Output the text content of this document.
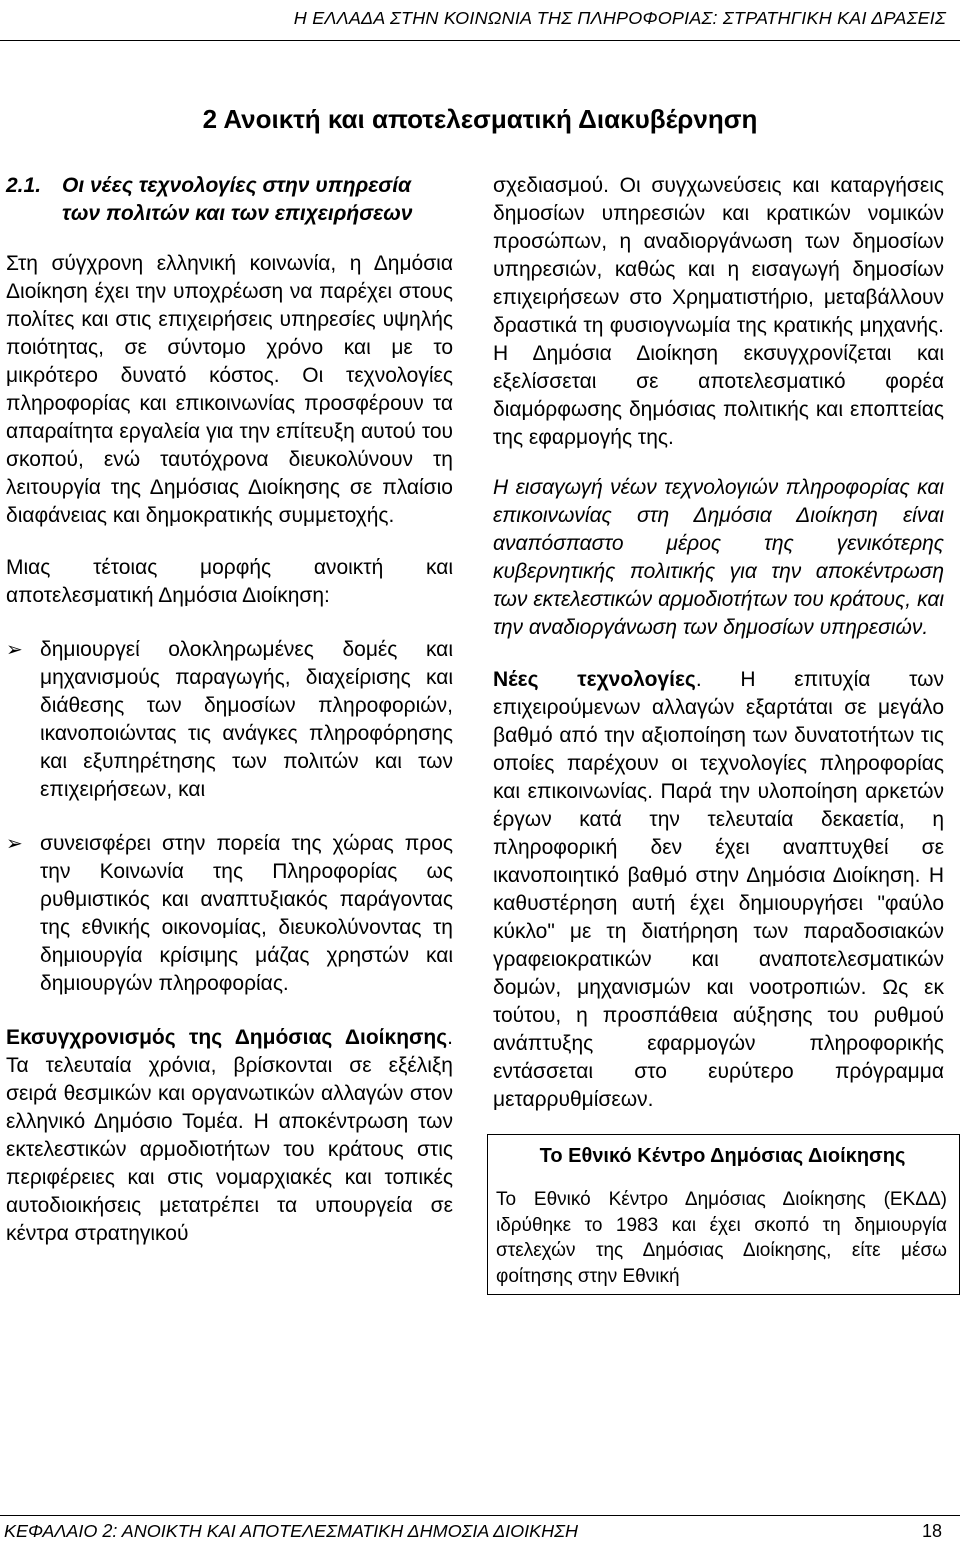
Η ΕΛΛΑΔΑ ΣΤΗΝ ΚΟΙΝΩΝΙΑ ΤΗΣ ΠΛΗΡΟΦΟΡΙΑΣ: ΣΤΡΑΤΗΓΙΚΗ ΚΑΙ ΔΡΑΣΕΙΣ
2 Ανοικτή και αποτελεσματική Διακυβέρνηση
2.1. Οι νέες τεχνολογίες στην υπηρεσία των πολιτών και των επιχειρήσεων

Στη σύγχρονη ελληνική κοινωνία, η Δημόσια Διοίκηση έχει την υποχρέωση να παρέχει στους πολίτες και στις επιχειρήσεις υπηρεσίες υψηλής ποιότητας, σε σύντομο χρόνο και με το μικρότερο δυνατό κόστος. Οι τεχνολογίες πληροφορίας και επικοινωνίας προσφέρουν τα απαραίτητα εργαλεία για την επίτευξη αυτού του σκοπού, ενώ ταυτόχρονα διευκολύνουν τη λειτουργία της Δημόσιας Διοίκησης σε πλαίσιο διαφάνειας και δημοκρατικής συμμετοχής.

Μιας τέτοιας μορφής ανοικτή και αποτελεσματική Δημόσια Διοίκηση:

➢ δημιουργεί ολοκληρωμένες δομές και μηχανισμούς παραγωγής, διαχείρισης και διάθεσης των δημοσίων πληροφοριών, ικανοποιώντας τις ανάγκες πληροφόρησης και εξυπηρέτησης των πολιτών και των επιχειρήσεων, και
➢ συνεισφέρει στην πορεία της χώρας προς την Κοινωνία της Πληροφορίας ως ρυθμιστικός και αναπτυξιακός παράγοντας της εθνικής οικονομίας, διευκολύνοντας τη δημιουργία κρίσιμης μάζας χρηστών και δημιουργών πληροφορίας.

Εκσυγχρονισμός της Δημόσιας Διοίκησης. Τα τελευταία χρόνια, βρίσκονται σε εξέλιξη σειρά θεσμικών και οργανωτικών αλλαγών στον ελληνικό Δημόσιο Τομέα. Η αποκέντρωση των εκτελεστικών αρμοδιοτήτων του κράτους στις περιφέρειες και στις νομαρχιακές και τοπικές αυτοδιοικήσεις μετατρέπει τα υπουργεία σε κέντρα στρατηγικού

σχεδιασμού. Οι συγχωνεύσεις και καταργήσεις δημοσίων υπηρεσιών και κρατικών νομικών προσώπων, η αναδιοργάνωση των δημοσίων υπηρεσιών, καθώς και η εισαγωγή δημοσίων επιχειρήσεων στο Χρηματιστήριο, μεταβάλλουν δραστικά τη φυσιογνωμία της κρατικής μηχανής. Η Δημόσια Διοίκηση εκσυγχρονίζεται και εξελίσσεται σε αποτελεσματικό φορέα διαμόρφωσης δημόσιας πολιτικής και εποπτείας της εφαρμογής της.

Η εισαγωγή νέων τεχνολογιών πληροφορίας και επικοινωνίας στη Δημόσια Διοίκηση είναι αναπόσπαστο μέρος της γενικότερης κυβερνητικής πολιτικής για την αποκέντρωση των εκτελεστικών αρμοδιοτήτων του κράτους, και την αναδιοργάνωση των δημοσίων υπηρεσιών.

Νέες τεχνολογίες. Η επιτυχία των επιχειρούμενων αλλαγών εξαρτάται σε μεγάλο βαθμό από την αξιοποίηση των δυνατοτήτων τις οποίες παρέχουν οι τεχνολογίες πληροφορίας και επικοινωνίας. Παρά την υλοποίηση αρκετών έργων κατά την τελευταία δεκαετία, η πληροφορική δεν έχει αναπτυχθεί σε ικανοποιητικό βαθμό στην Δημόσια Διοίκηση. Η καθυστέρηση αυτή έχει δημιουργήσει "φαύλο κύκλο" με τη διατήρηση των παραδοσιακών γραφειοκρατικών και αναποτελεσματικών δομών, μηχανισμών και νοοτροπιών. Ως εκ τούτου, η προσπάθεια αύξησης του ρυθμού ανάπτυξης εφαρμογών πληροφορικής εντάσσεται στο ευρύτερο πρόγραμμα μεταρρυθμίσεων.

Το Εθνικό Κέντρο Δημόσιας Διοίκησης
Το Εθνικό Κέντρο Δημόσιας Διοίκησης (ΕΚΔΔ) ιδρύθηκε το 1983 και έχει σκοπό τη δημιουργία στελεχών της Δημόσιας Διοίκησης, είτε μέσω φοίτησης στην Εθνική
ΚΕΦΑΛΑΙΟ 2: ΑΝΟΙΚΤΗ ΚΑΙ ΑΠΟΤΕΛΕΣΜΑΤΙΚΗ ΔΗΜΟΣΙΑ ΔΙΟΙΚΗΣΗ	18
